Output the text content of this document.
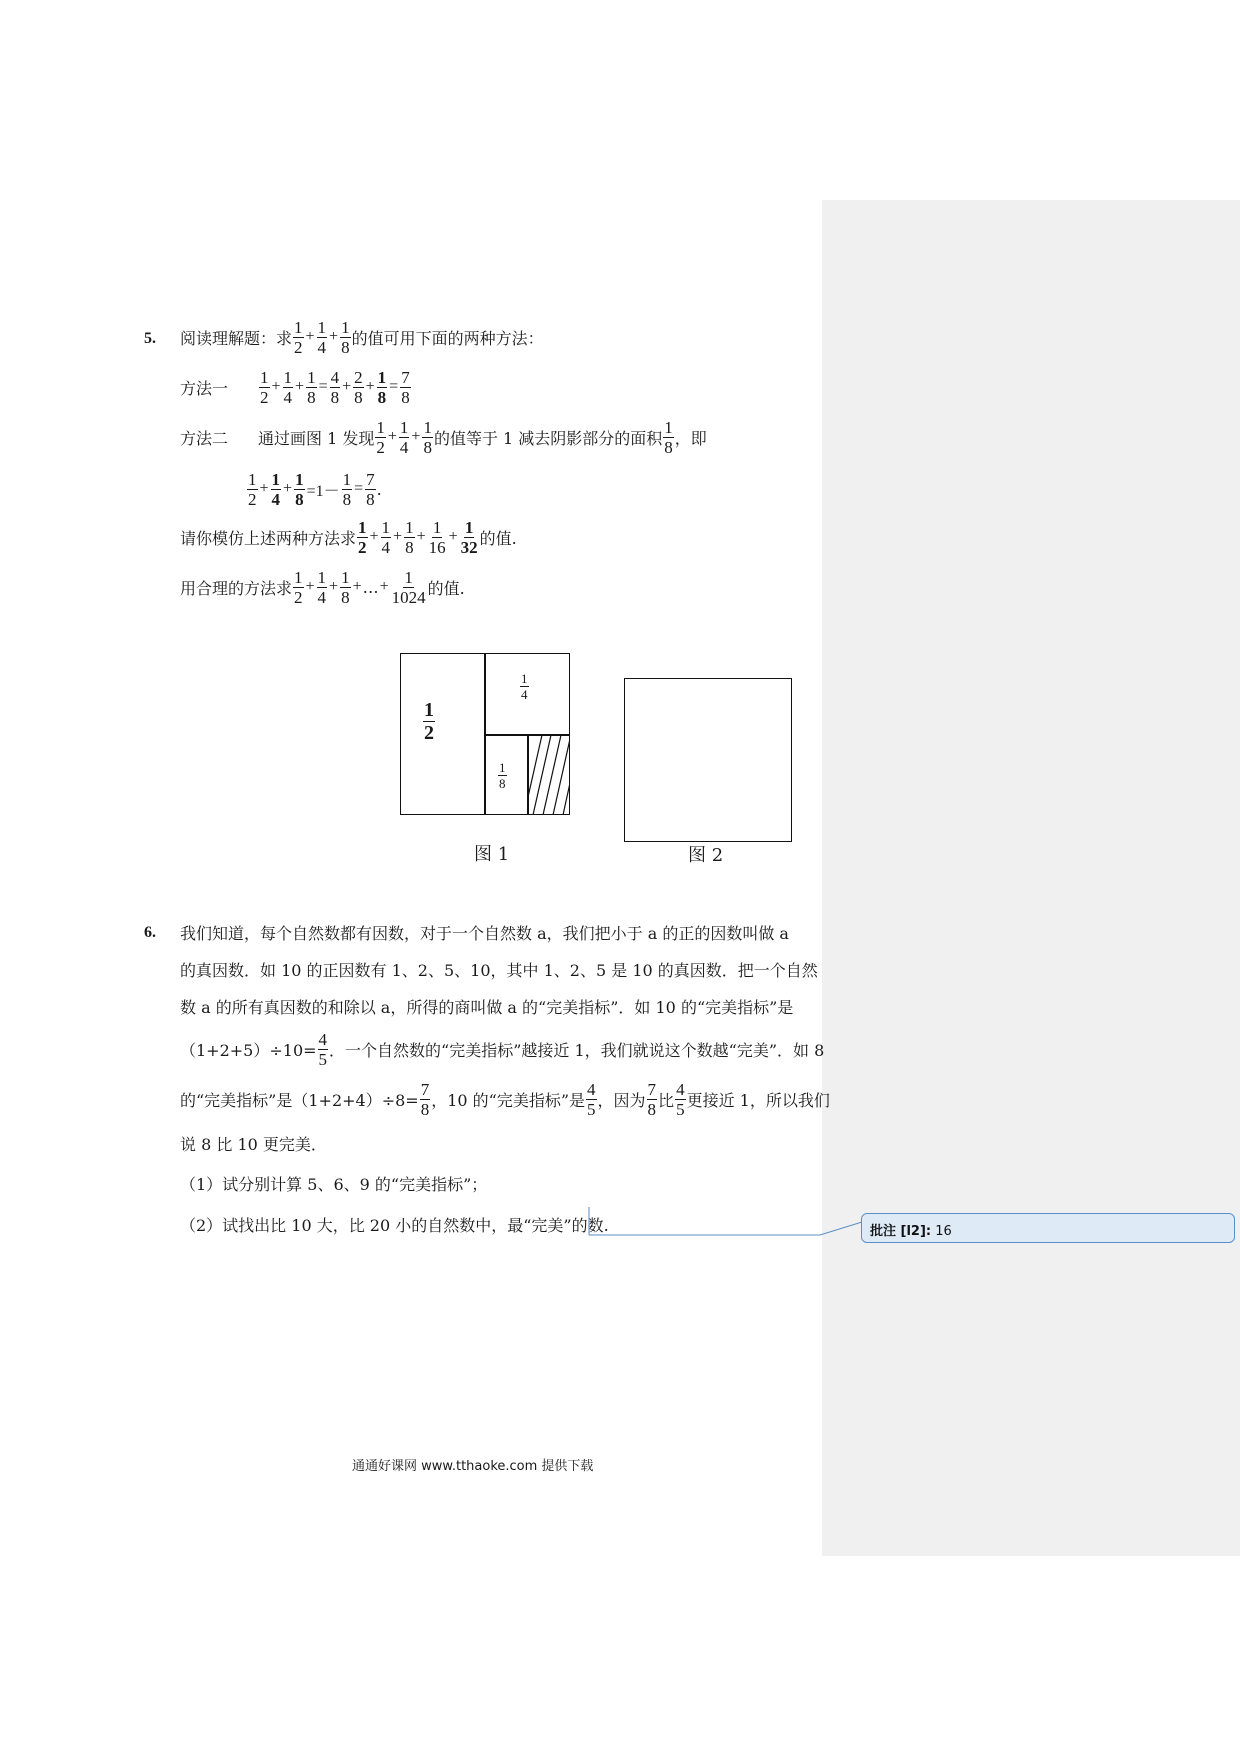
5. 阅读理解题：求 $\frac{1}{2} + \frac{1}{4} + \frac{1}{8}$ 的值可用下面的两种方法：
方法一 $\frac{1}{2} + \frac{1}{4} + \frac{1}{8} = \frac{4}{8} + \frac{2}{8} + \frac{1}{8} = \frac{7}{8}$
方法二 通过画图 1 发现 $\frac{1}{2} + \frac{1}{4} + \frac{1}{8}$ 的值等于 1 减去阴影部分的面积 $\frac{1}{8}$ ，即
$\frac{1}{2} + \frac{1}{4} + \frac{1}{8} =1- \frac{1}{8} = \frac{7}{8}$ .
请你模仿上述两种方法求 $\frac{1}{2} + \frac{1}{4} + \frac{1}{8} + \frac{1}{16} + \frac{1}{32}$ 的值.
用合理的方法求 $\frac{1}{2} + \frac{1}{4} + \frac{1}{8}$ + … + $\frac{1}{1024}$ 的值.
$\frac{1}{2}$
$\frac{1}{4}$
$\frac{1}{8}$
图 1	图 2
6. 我们知道，每个自然数都有因数，对于一个自然数 a，我们把小于 a 的正的因数叫做 a
的真因数．如 10 的正因数有 1、2、5、10，其中 1、2、5 是 10 的真因数．把一个自然
数 a 的所有真因数的和除以 a，所得的商叫做 a 的“完美指标”．如 10 的“完美指标”是
$(1+2+5)\div 10= \frac{4}{5}$ ．一个自然数的“完美指标”越接近 1，我们就说这个数越“完美”．如 8
的“完美指标”是$(1+2+4)\div 8= \frac{7}{8}$ ，10 的“完美指标”是 $\frac{4}{5}$ ，因为 $\frac{7}{8}$ 比 $\frac{4}{5}$ 更接近 1，所以我们
说 8 比 10 更完美．
（1）试分别计算 5、6、9 的“完美指标”；
（2）试找出比 10 大，比 20 小的自然数中，最“完美”的数.	批注 [l2]: 16
通通好课网 www.tthaoke.com 提供下载
